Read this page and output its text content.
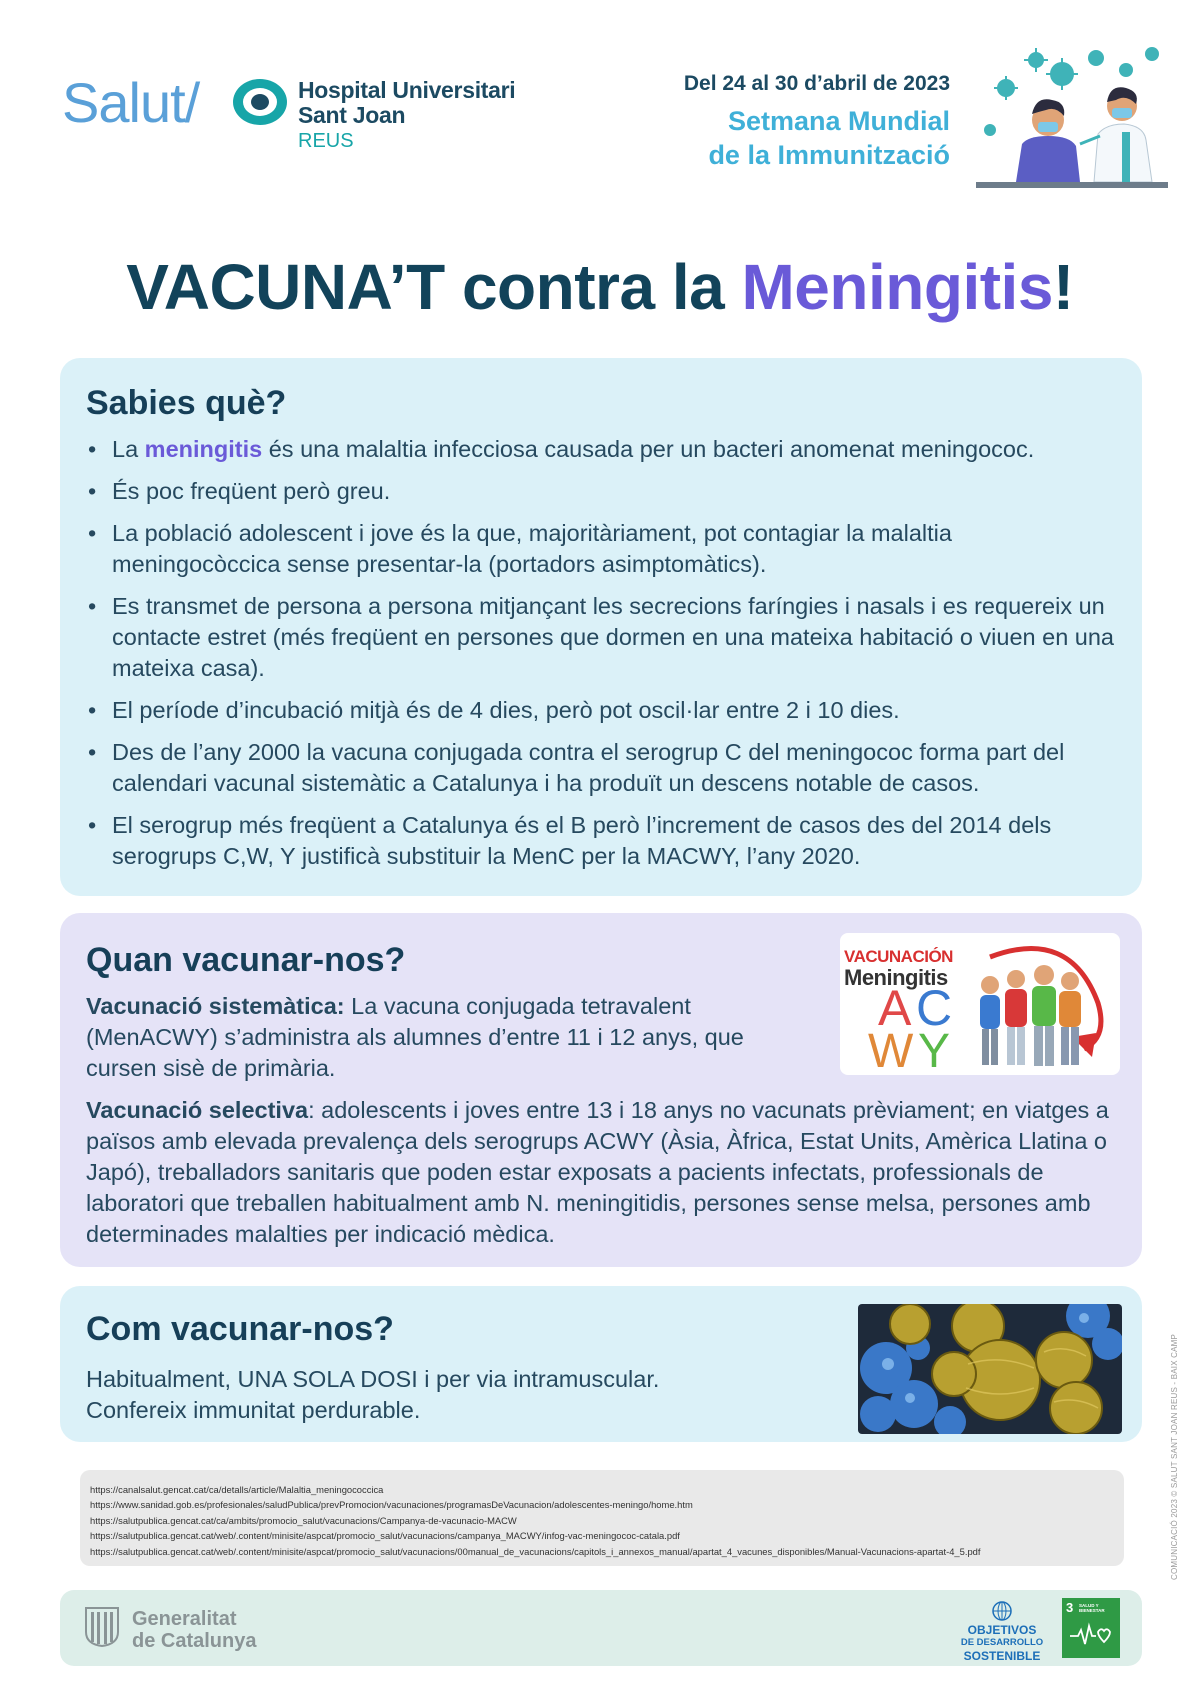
Salut/	Hospital Universitari
Sant Joan
REUS
Del 24 al 30 d’abril de 2023
Setmana Mundial
de la Immunització
VACUNA’T contra la Meningitis!
Sabies què?
• La meningitis és una malaltia infecciosa causada per un bacteri anomenat meningococ.
• És poc freqüent però greu.
• La població adolescent i jove és la que, majoritàriament, pot contagiar la malaltia meningocòccica sense presentar-la (portadors asimptomàtics).
• Es transmet de persona a persona mitjançant les secrecions faríngies i nasals i es requereix un contacte estret (més freqüent en persones que dormen en una mateixa habitació o viuen en una mateixa casa).
• El període d’incubació mitjà és de 4 dies, però pot oscil·lar entre 2 i 10 dies.
• Des de l’any 2000 la vacuna conjugada contra el serogrup C del meningococ forma part del calendari vacunal sistemàtic a Catalunya i ha produït un descens notable de casos.
• El serogrup més freqüent a Catalunya és el B però l’increment de casos des del 2014 dels serogrups C,W, Y justificà substituir la MenC per la MACWY, l’any 2020.
Quan vacunar-nos?

Vacunació sistemàtica: La vacuna conjugada tetravalent (MenACWY) s’administra als alumnes d’entre 11 i 12 anys, que cursen sisè de primària.

Vacunació selectiva: adolescents i joves entre 13 i 18 anys no vacunats prèviament; en viatges a països amb elevada prevalença dels serogrups ACWY (Àsia, Àfrica, Estat Units, Amèrica Llatina o Japó), treballadors sanitaris que poden estar exposats a pacients infectats, professionals de laboratori que treballen habitualment amb N. meningitidis, persones sense melsa, persones amb determinades malalties per indicació mèdica.

A C
W Y
VACUNACIÓN
Meningitis
Com vacunar-nos?
Habitualment, UNA SOLA DOSI i per via intramuscular.
Confereix immunitat perdurable.
https://canalsalut.gencat.cat/ca/detalls/article/Malaltia_meningococcica
https://www.sanidad.gob.es/profesionales/saludPublica/prevPromocion/vacunaciones/programasDeVacunacion/adolescentes-meningo/home.htm
https://salutpublica.gencat.cat/ca/ambits/promocio_salut/vacunacions/Campanya-de-vacunacio-MACW
https://salutpublica.gencat.cat/web/.content/minisite/aspcat/promocio_salut/vacunacions/campanya_MACWY/infog-vac-meningococ-catala.pdf
https://salutpublica.gencat.cat/web/.content/minisite/aspcat/promocio_salut/vacunacions/00manual_de_vacunacions/capitols_i_annexos_manual/apartat_4_vacunes_disponibles/Manual-Vacunacions-apartat-4_5.pdf
Generalitat
de Catalunya	OBJETIVOS
DE DESARROLLO
SOSTENIBLE
3 SALUD Y BIENESTAR
COMUNICACIÓ 2023 © SALUT SANT JOAN REUS - BAIX CAMP
